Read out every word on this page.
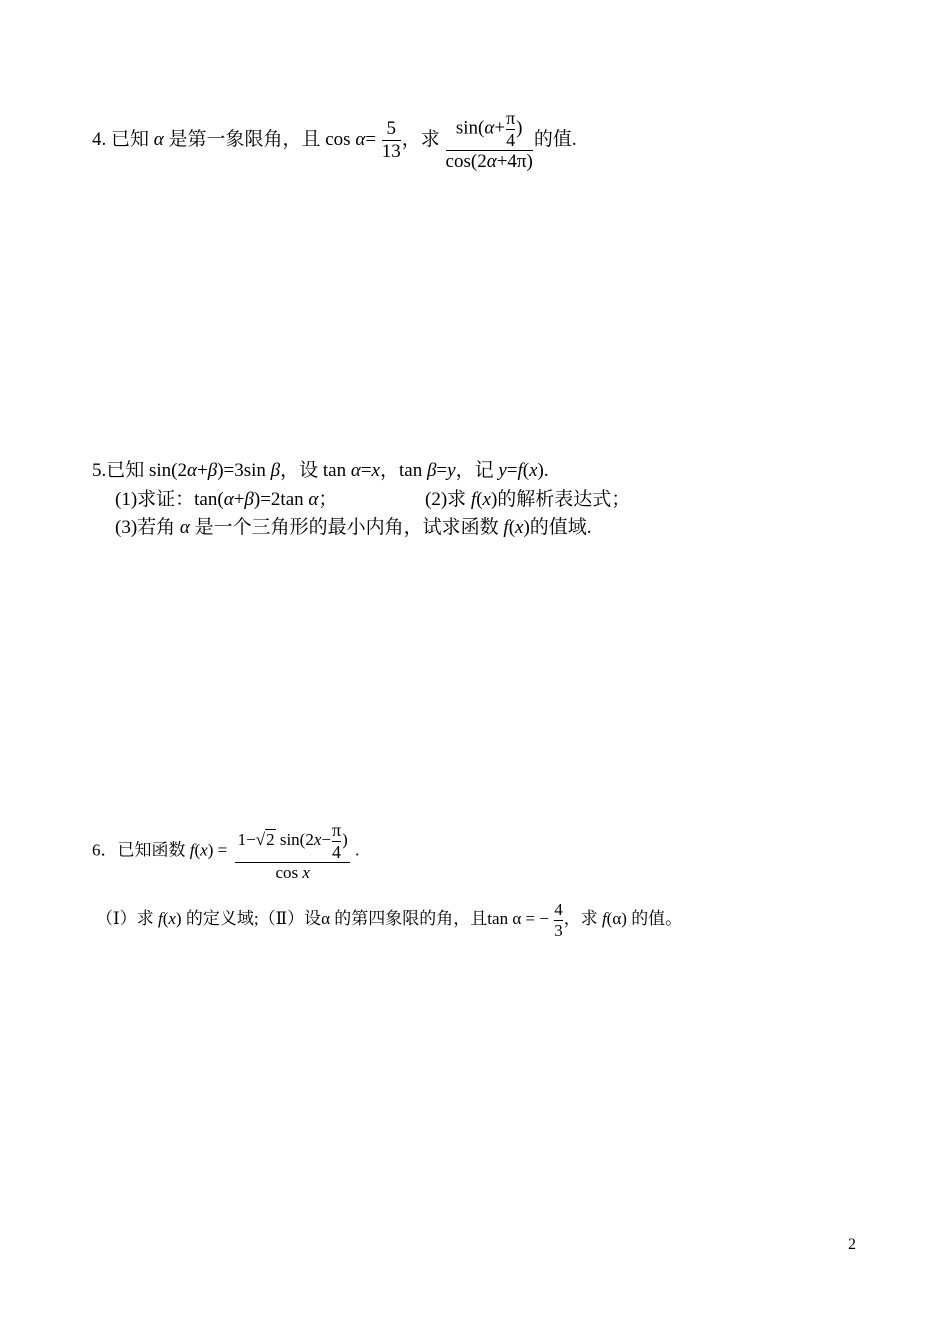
4. 已知 α 是第一象限角，且 $\cos \alpha= \frac{5}{13}$ ，求 $\frac{\sin(\alpha+ \frac{\pi}{4} )}{\cos(2\alpha+4\pi)}$ 的值.
5.已知 sin(2α+β)=3sin β，设 tan α=x，tan β=y，记 y=f(x).
(1)求证：tan(α+β)=2tan α；	(2)求 f(x)的解析表达式；
(3)若角 α 是一个三角形的最小内角，试求函数 f(x)的值域.
6．已知函数 $f(x) = \frac{1-√2 \sin(2x- \frac{\pi}{4} )}{\text{cos x}}$ .
（Ⅰ）求 f(x) 的定义域;（Ⅱ）设α 的第四象限的角，且tan α = − $\frac{4}{3}$ ，求 f(α) 的值。
2
